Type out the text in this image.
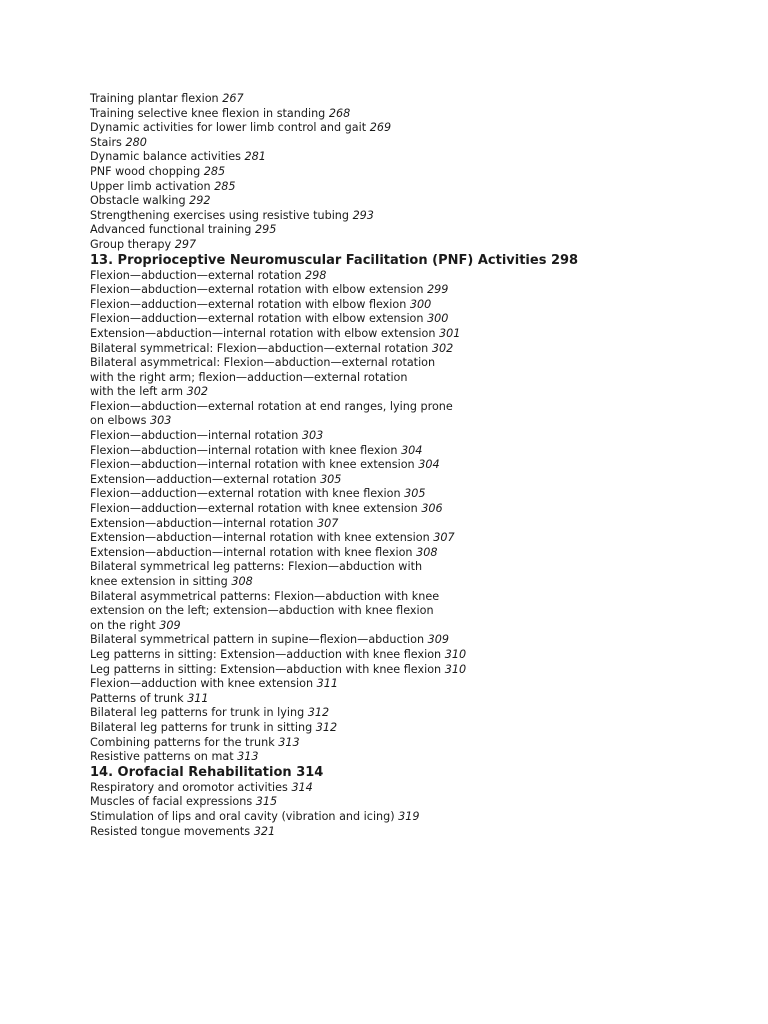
Training plantar flexion 267
Training selective knee flexion in standing 268
Dynamic activities for lower limb control and gait 269
Stairs 280
Dynamic balance activities 281
PNF wood chopping 285
Upper limb activation 285
Obstacle walking 292
Strengthening exercises using resistive tubing 293
Advanced functional training 295
Group therapy 297
13. Proprioceptive Neuromuscular Facilitation (PNF) Activities 298
Flexion—abduction—external rotation 298
Flexion—abduction—external rotation with elbow extension 299
Flexion—adduction—external rotation with elbow flexion 300
Flexion—adduction—external rotation with elbow extension 300
Extension—abduction—internal rotation with elbow extension 301
Bilateral symmetrical: Flexion—abduction—external rotation 302
Bilateral asymmetrical: Flexion—abduction—external rotation
with the right arm; flexion—adduction—external rotation
with the left arm 302
Flexion—abduction—external rotation at end ranges, lying prone
on elbows 303
Flexion—abduction—internal rotation 303
Flexion—abduction—internal rotation with knee flexion 304
Flexion—abduction—internal rotation with knee extension 304
Extension—adduction—external rotation 305
Flexion—adduction—external rotation with knee flexion 305
Flexion—adduction—external rotation with knee extension 306
Extension—abduction—internal rotation 307
Extension—abduction—internal rotation with knee extension 307
Extension—abduction—internal rotation with knee flexion 308
Bilateral symmetrical leg patterns: Flexion—abduction with
knee extension in sitting 308
Bilateral asymmetrical patterns: Flexion—abduction with knee
extension on the left; extension—abduction with knee flexion
on the right 309
Bilateral symmetrical pattern in supine—flexion—abduction 309
Leg patterns in sitting: Extension—adduction with knee flexion 310
Leg patterns in sitting: Extension—abduction with knee flexion 310
Flexion—adduction with knee extension 311
Patterns of trunk 311
Bilateral leg patterns for trunk in lying 312
Bilateral leg patterns for trunk in sitting 312
Combining patterns for the trunk 313
Resistive patterns on mat 313
14. Orofacial Rehabilitation 314
Respiratory and oromotor activities 314
Muscles of facial expressions 315
Stimulation of lips and oral cavity (vibration and icing) 319
Resisted tongue movements 321
